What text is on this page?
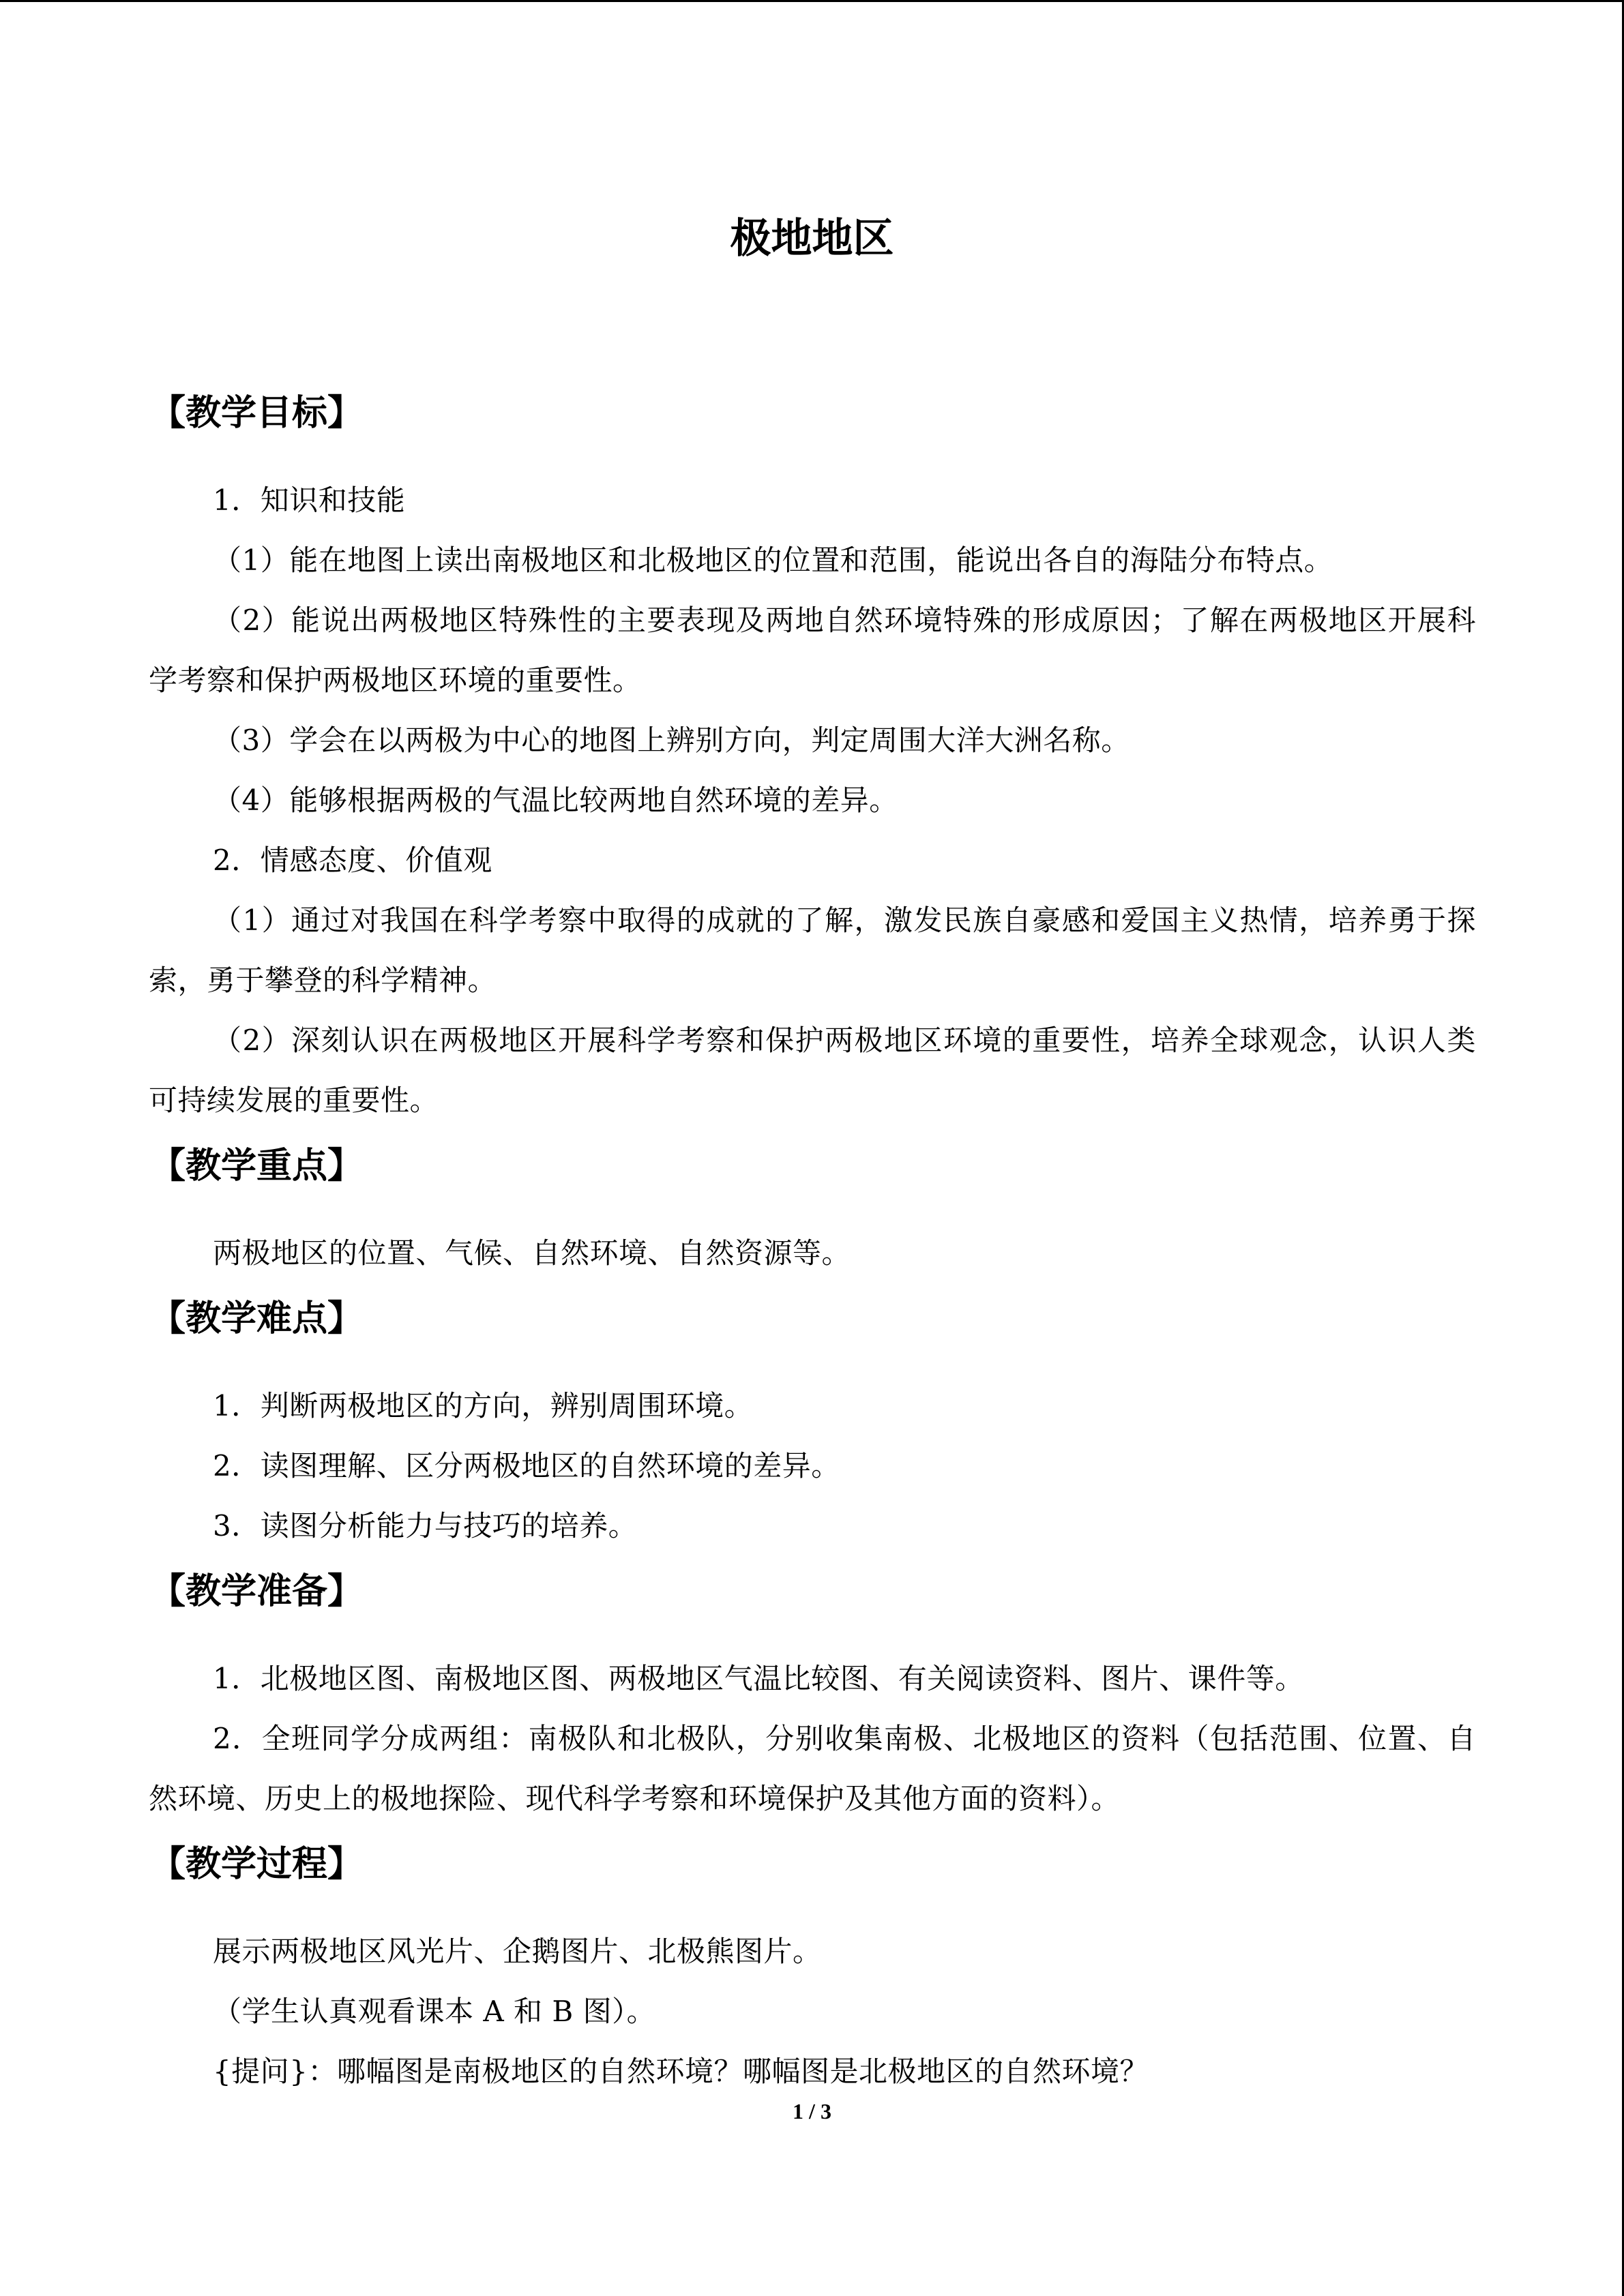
极地地区
【教学目标】

1．知识和技能

（1）能在地图上读出南极地区和北极地区的位置和范围，能说出各自的海陆分布特点。

（2）能说出两极地区特殊性的主要表现及两地自然环境特殊的形成原因；了解在两极地区开展科学考察和保护两极地区环境的重要性。

（3）学会在以两极为中心的地图上辨别方向，判定周围大洋大洲名称。

（4）能够根据两极的气温比较两地自然环境的差异。

2．情感态度、价值观

（1）通过对我国在科学考察中取得的成就的了解，激发民族自豪感和爱国主义热情，培养勇于探索，勇于攀登的科学精神。

（2）深刻认识在两极地区开展科学考察和保护两极地区环境的重要性，培养全球观念，认识人类可持续发展的重要性。

【教学重点】

两极地区的位置、气候、自然环境、自然资源等。

【教学难点】

1．判断两极地区的方向，辨别周围环境。

2．读图理解、区分两极地区的自然环境的差异。

3．读图分析能力与技巧的培养。

【教学准备】

1．北极地区图、南极地区图、两极地区气温比较图、有关阅读资料、图片、课件等。

2．全班同学分成两组：南极队和北极队，分别收集南极、北极地区的资料（包括范围、位置、自然环境、历史上的极地探险、现代科学考察和环境保护及其他方面的资料）。

【教学过程】

展示两极地区风光片、企鹅图片、北极熊图片。

（学生认真观看课本 A 和 B 图）。

{提问}：哪幅图是南极地区的自然环境？哪幅图是北极地区的自然环境？

1 / 3
